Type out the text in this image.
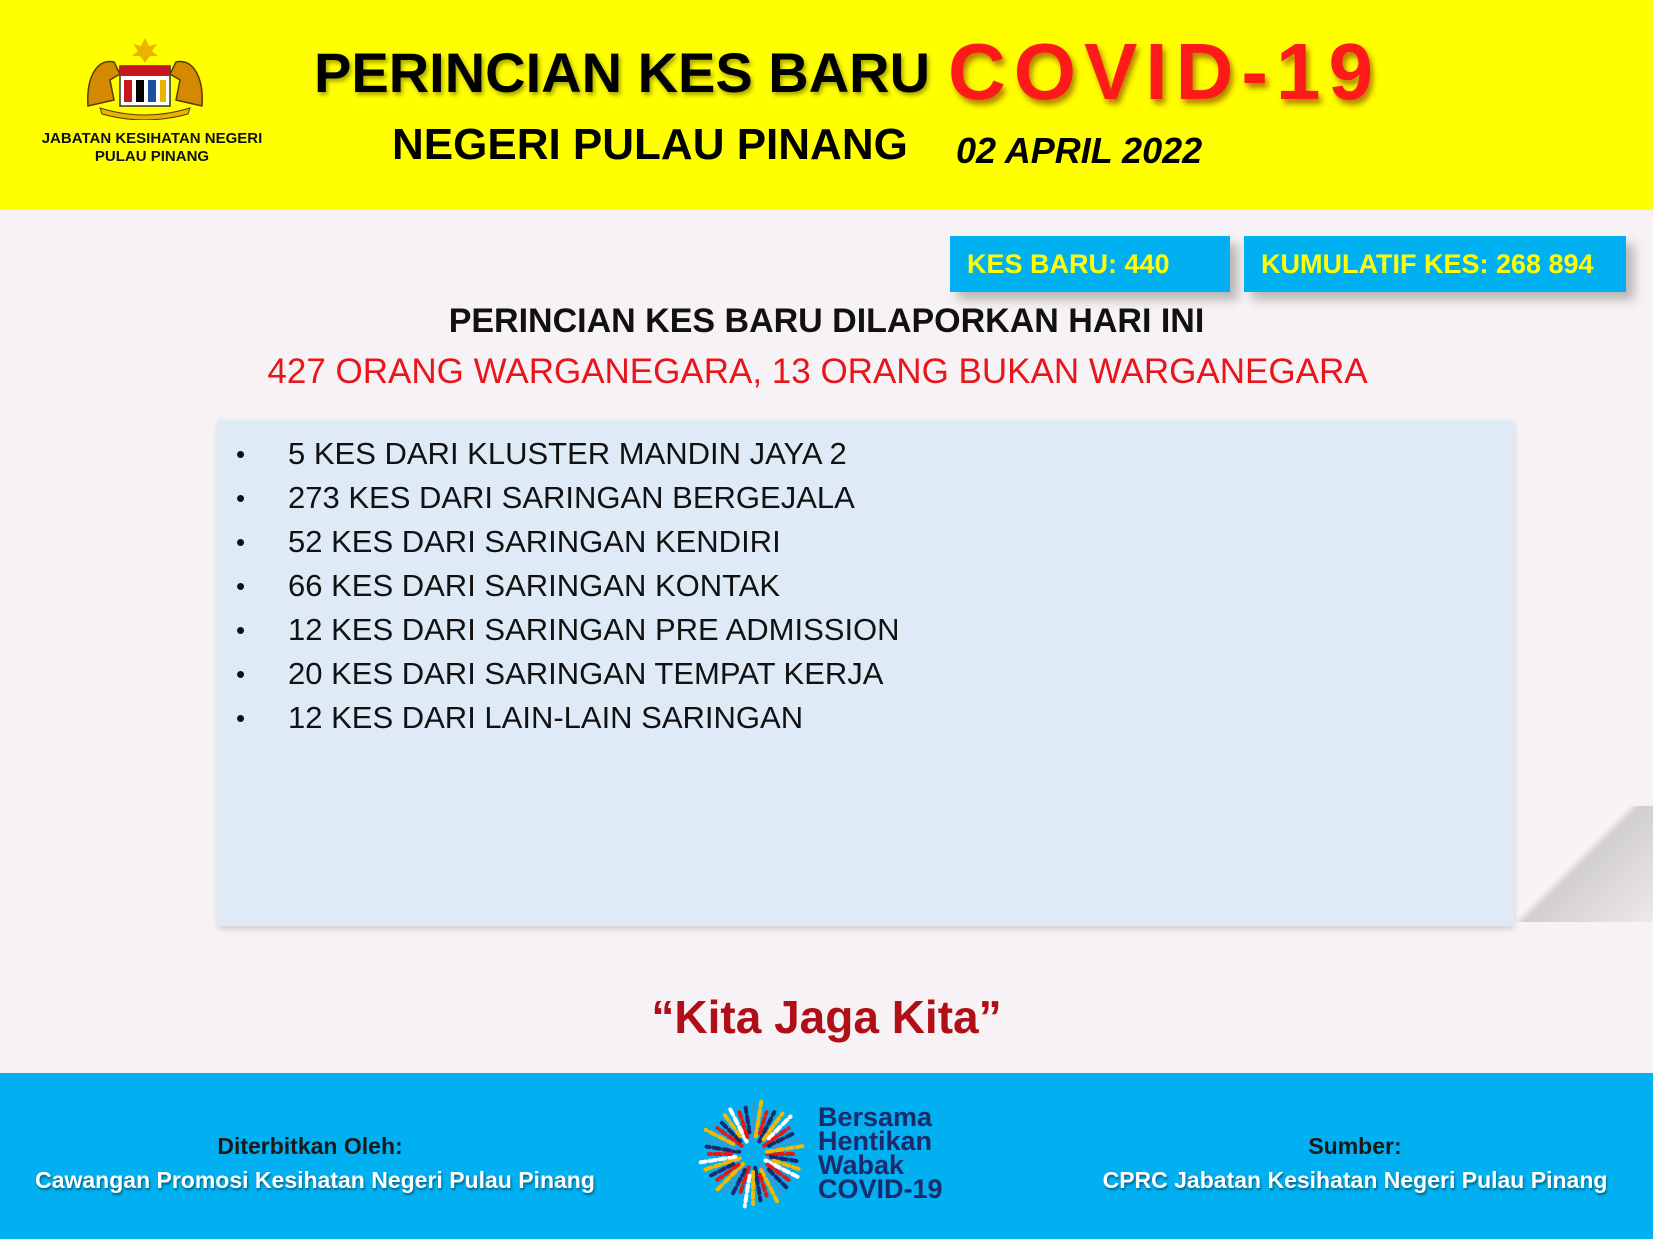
JABATAN KESIHATAN NEGERI PULAU PINANG
PERINCIAN KES BARU COVID-19
NEGERI PULAU PINANG 02 APRIL 2022
KES BARU: 440	KUMULATIF KES: 268 894
PERINCIAN KES BARU DILAPORKAN HARI INI
427 ORANG WARGANEGARA, 13 ORANG BUKAN WARGANEGARA
• 5 KES DARI KLUSTER MANDIN JAYA 2
• 273 KES DARI SARINGAN BERGEJALA
• 52 KES DARI SARINGAN KENDIRI
• 66 KES DARI SARINGAN KONTAK
• 12 KES DARI SARINGAN PRE ADMISSION
• 20 KES DARI SARINGAN TEMPAT KERJA
• 12 KES DARI LAIN-LAIN SARINGAN
“Kita Jaga Kita”
Diterbitkan Oleh:
Cawangan Promosi Kesihatan Negeri Pulau Pinang
Bersama
Hentikan
Wabak
COVID-19
Sumber:
CPRC Jabatan Kesihatan Negeri Pulau Pinang
